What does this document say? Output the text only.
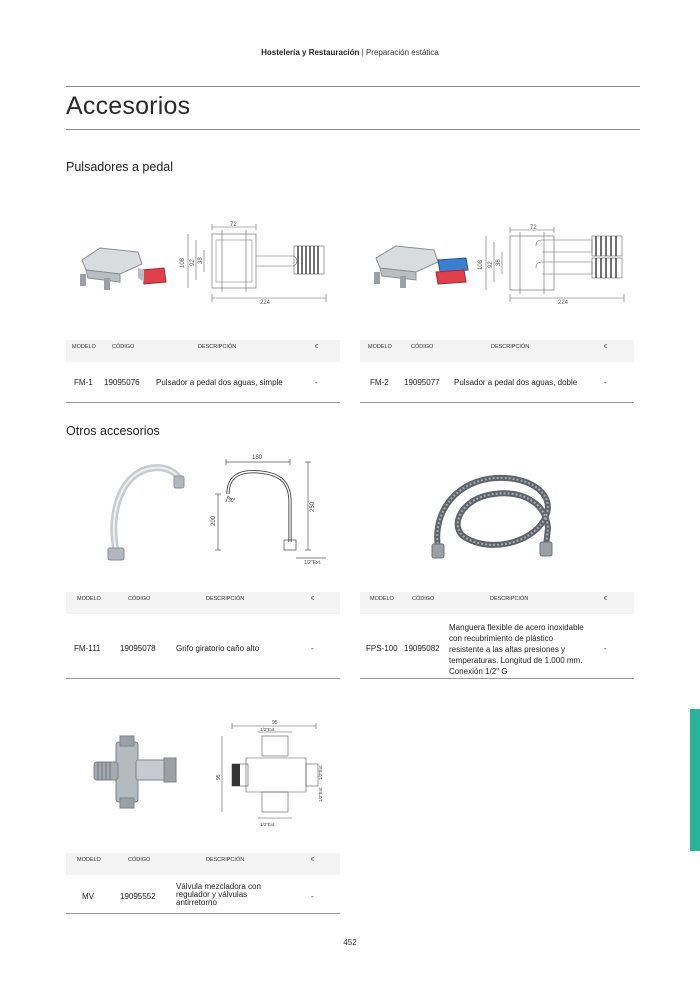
Hostelería y Restauración | Preparación estática
Accesorios
Pulsadores a pedal
72
108 92 38
224
72
108 92 38
224
MODELO	CÓDIGO	DESCRIPCIÓN	€
FM-1 19095076 Pulsador a pedal dos aguas, simple	-
MODELO	CÓDIGO	DESCRIPCIÓN	€
FM-2 19095077 Pulsador a pedal dos aguas, doble	-
Otros accesorios
180
250
200
30°
1/2"Ext.
MODELO	CÓDIGO	DESCRIPCIÓN	€
FM-111 19095078	Grifo giratorio caño alto	-
MODELO	CÓDIGO	DESCRIPCIÓN	€
FPS-100 19095082
Manguera flexible de acero inoxidable con recubrimiento de plástico resistente a las altas presiones y temperaturas. Longitud de 1.000 mm. Conexión 1/2" G
-
95
1/2"Ext.
95	1/2"Ext.
1/2"Ext.
1/2"Ext.
MODELO	CÓDIGO	DESCRIPCIÓN	€
MV	19095552
Válvula mezcladora con regulador y válvulas antirretorno
-
452
